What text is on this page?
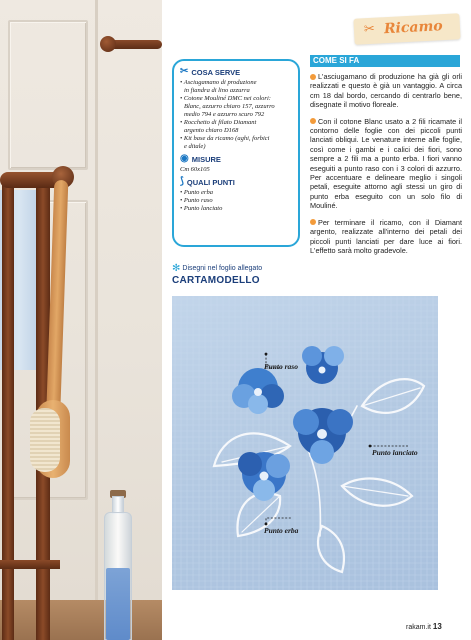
✂ Ricamo
✂ COSA SERVE
• Asciugamano di produzione
in fiandra di lino azzurra
• Cotone Mouliné DMC nei colori:
Blanc, azzurro chiaro 157, azzurro
medio 794 e azzurro scuro 792
• Rocchetto di filato Diamant
argento chiaro D168
• Kit base da ricamo (aghi, forbici
e ditale)
◉ MISURE
Cm 60x105
⟆ QUALI PUNTI
• Punto erba
• Punto raso
• Punto lanciato
✻ Disegni nel foglio allegato
CARTAMODELLO
COME SI FA

L'asciugamano di produzione ha già gli orli realizzati e questo è già un vantaggio. A circa cm 18 dal bordo, cercando di centrarlo bene, disegnate il motivo floreale.

Con il cotone Blanc usato a 2 fili ricamate il contorno delle foglie con dei piccoli punti lanciati obliqui. Le venature interne alle foglie, così come i gambi e i calici dei fiori, sono sempre a 2 fili ma a punto erba. I fiori vanno eseguiti a punto raso con i 3 colori di azzurro. Per accentuare e delineare meglio i singoli petali, eseguite attorno agli stessi un giro di punto erba eseguito con un solo filo di Mouliné.

Per terminare il ricamo, con il Diamant argento, realizzate all'interno dei petali dei piccoli punti lanciati per dare luce ai fiori. L'effetto sarà molto gradevole.

Punto raso
Punto lanciato
Punto erba
rakam.it 13
